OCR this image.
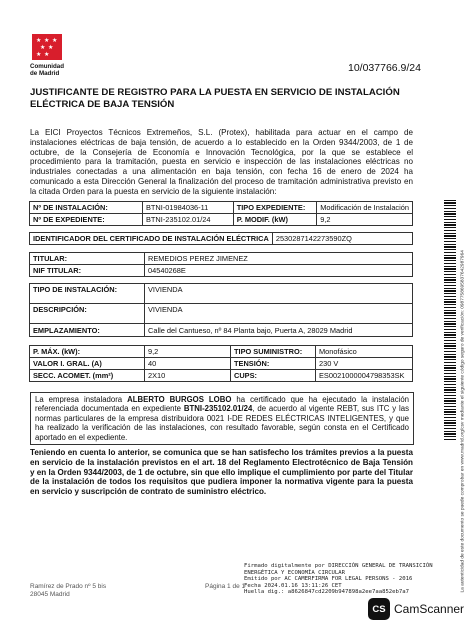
★ ★ ★
★ ★
★ ★
Comunidad
de Madrid	10/037766.9/24
JUSTIFICANTE DE REGISTRO PARA LA PUESTA EN SERVICIO DE INSTALACIÓN ELÉCTRICA DE BAJA TENSIÓN
La EICI Proyectos Técnicos Extremeños, S.L. (Protex), habilitada para actuar en el campo de instalaciones eléctricas de baja tensión, de acuerdo a lo establecido en la Orden 9344/2003, de 1 de octubre, de la Consejería de Economía e Innovación Tecnológica, por la que se establece el procedimiento para la tramitación, puesta en servicio e inspección de las instalaciones eléctricas no industriales conectadas a una alimentación en baja tensión, con fecha 16 de enero de 2024 ha comunicado a esta Dirección General la finalización del proceso de tramitación administrativa previsto en la citada Orden para la puesta en servicio de la siguiente instalación:
Nº DE INSTALACIÓN:	BTNI-01984036-11	TIPO EXPEDIENTE:	Modificación de Instalación
Nº DE EXPEDIENTE:	BTNI-235102.01/24	P. MODIF. (kW)	9,2
IDENTIFICADOR DEL CERTIFICADO DE INSTALACIÓN ELÉCTRICA	2530287142273590ZQ
TITULAR:	REMEDIOS PEREZ JIMENEZ
NIF TITULAR:	04540268E
TIPO DE INSTALACIÓN:	VIVIENDA
DESCRIPCIÓN:	VIVIENDA
EMPLAZAMIENTO:	Calle del Cantueso, nº 84 Planta bajo, Puerta A, 28029 Madrid
P. MÁX. (kW):	9,2	TIPO SUMINISTRO:	Monofásico
VALOR I. GRAL. (A)	40	TENSIÓN:	230 V
SECC. ACOMET. (mm²)	2X10	CUPS:	ES0021000004798353SK
La empresa instaladora ALBERTO BURGOS LOBO ha certificado que ha ejecutado la instalación referenciada documentada en expediente BTNI-235102.01/24, de acuerdo al vigente REBT, sus ITC y las normas particulares de la empresa distribuidora 0021 I-DE REDES ELÉCTRICAS INTELIGENTES, y que ha realizado la verificación de las instalaciones, con resultado favorable, según consta en el Certificado aportado en el expediente.
Teniendo en cuenta lo anterior, se comunica que se han satisfecho los trámites previos a la puesta en servicio de la instalación previstos en el art. 18 del Reglamento Electrotécnico de Baja Tensión y en la Orden 9344/2003, de 1 de octubre, sin que ello implique el cumplimiento por parte del Titular de la instalación de todos los requisitos que pudiera imponer la normativa vigente para la puesta en servicio y suscripción de contrato de suministro eléctrico.
Ramírez de Prado nº 5 bis
28045 Madrid
Página 1 de 1
Firmado digitalmente por DIRECCIÓN GENERAL DE TRANSICIÓN
ENERGÉTICA Y ECONOMÍA CIRCULAR
Emitido por AC CAMERFIRMA FOR LEGAL PERSONS - 2016
Fecha 2024.01.16 13:11:26 CET
Huella dig.: a8626847cd2209b947898a2ee7aa852eb7a7	La autenticidad de este documento se puede comprobar en www.madrid.org/csv mediante el siguiente código seguro de verificación: 0987758695837642987964
CS CamScanner
